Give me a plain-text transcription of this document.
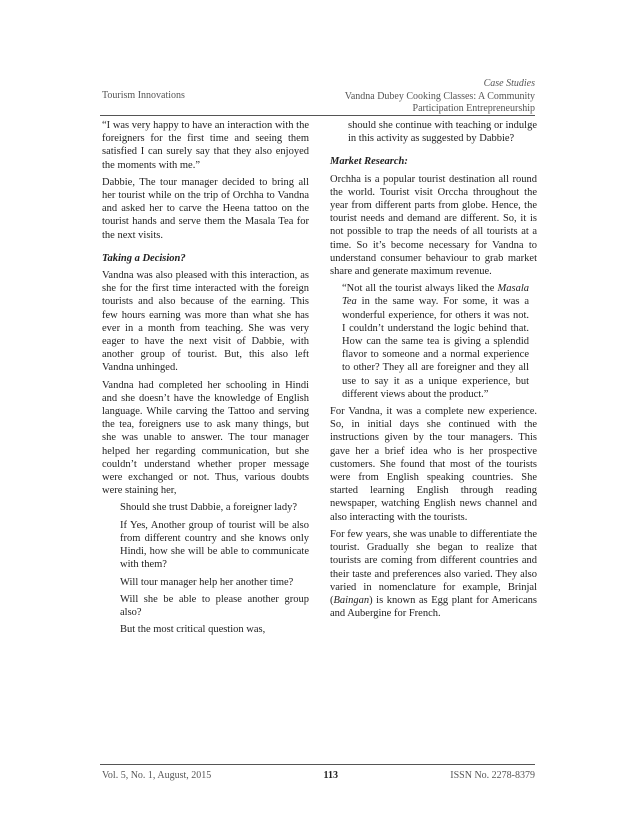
Tourism Innovations
Case Studies
Vandna Dubey Cooking Classes: A Community
Participation Entrepreneurship

“I was very happy to have an interaction with the foreigners for the first time and seeing them satisfied I can surely say that they also enjoyed the moments with me.”

Dabbie, The tour manager decided to bring all her tourist while on the trip of Orchha to Vandna and asked her to carve the Heena tattoo on the tourist hands and serve them the Masala Tea for the next visits.

Taking a Decision?

Vandna was also pleased with this interaction, as she for the first time interacted with the foreign tourists and also because of the earning. This few hours earning was more than what she has ever in a month from teaching. She was very eager to have the next visit of Dabbie, with another group of tourist. But, this also left Vandna unhinged.

Vandna had completed her schooling in Hindi and she doesn’t have the knowledge of English language. While carving the Tattoo and serving the tea, foreigners use to ask many things, but she was unable to answer. The tour manager helped her regarding communication, but she couldn’t understand whether proper message were exchanged or not. Thus, various doubts were staining her,

Should she trust Dabbie, a foreigner lady?

If Yes, Another group of tourist will be also from different country and she knows only Hindi, how she will be able to communicate with them?

Will tour manager help her another time?

Will she be able to please another group also?

But the most critical question was,

should she continue with teaching or indulge in this activity as suggested by Dabbie?

Market Research:

Orchha is a popular tourist destination all round the world. Tourist visit Orccha throughout the year from different parts from globe. Hence, the tourist needs and demand are different. So, it is not possible to trap the needs of all tourists at a time. So it’s become necessary for Vandna to understand consumer behaviour to grab market share and generate maximum revenue.

“Not all the tourist always liked the Masala Tea in the same way. For some, it was a wonderful experience, for others it was not. I couldn’t understand the logic behind that. How can the same tea is giving a splendid flavor to someone and a normal experience to other? They all are foreigner and they all use to say it as a unique experience, but different views about the product.”

For Vandna, it was a complete new experience. So, in initial days she continued with the instructions given by the tour managers. This gave her a brief idea who is her prospective customers. She found that most of the tourists were from English speaking countries. She started learning English through reading newspaper, watching English news channel and also interacting with the tourists.

For few years, she was unable to differentiate the tourist. Gradually she began to realize that tourists are coming from different countries and their taste and preferences also varied. They also varied in nomenclature for example, Brinjal (Baingan) is known as Egg plant for Americans and Aubergine for French.

Vol. 5, No. 1, August, 2015	113	ISSN No. 2278-8379
